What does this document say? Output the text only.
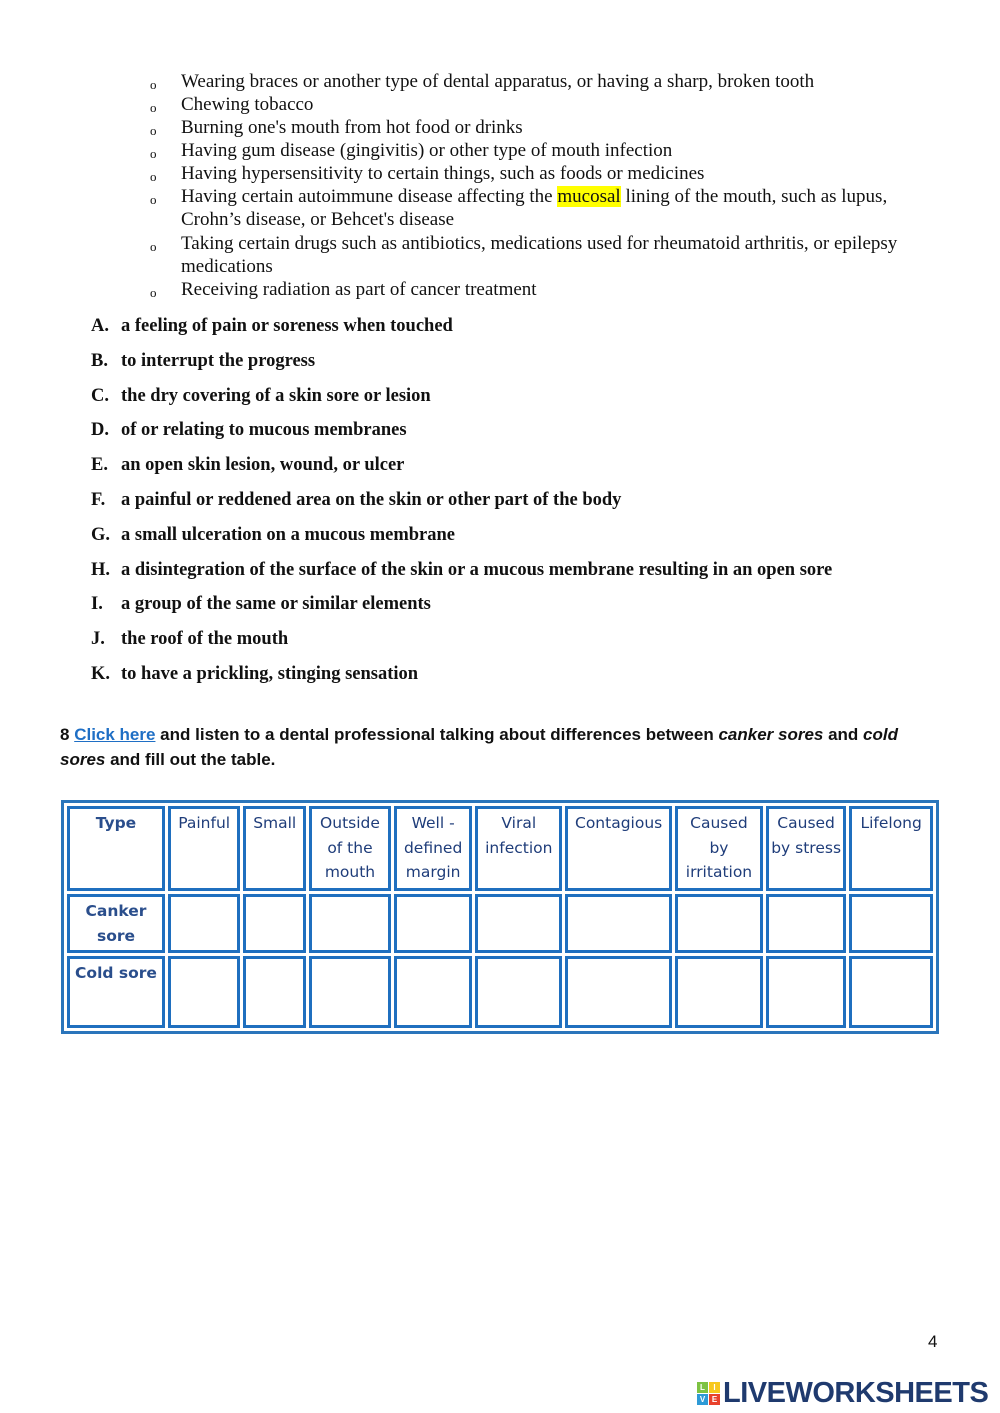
o Wearing braces or another type of dental apparatus, or having a sharp, broken tooth
o Chewing tobacco
o Burning one's mouth from hot food or drinks
o Having gum disease (gingivitis) or other type of mouth infection
o Having hypersensitivity to certain things, such as foods or medicines
o Having certain autoimmune disease affecting the mucosal lining of the mouth, such as lupus, Crohn’s disease, or Behcet's disease
o Taking certain drugs such as antibiotics, medications used for rheumatoid arthritis, or epilepsy medications
o Receiving radiation as part of cancer treatment
A. a feeling of pain or soreness when touched
B. to interrupt the progress
C. the dry covering of a skin sore or lesion
D. of or relating to mucous membranes
E. an open skin lesion, wound, or ulcer
F. a painful or reddened area on the skin or other part of the body
G. a small ulceration on a mucous membrane
H. a disintegration of the surface of the skin or a mucous membrane resulting in an open sore
I. a group of the same or similar elements
J. the roof of the mouth
K. to have a prickling, stinging sensation
8 Click here and listen to a dental professional talking about differences between canker sores and cold sores and fill out the table.
Type	Painful	Small	Outside of the mouth	Well - defined margin	Viral infection	Contagious	Caused by irritation	Caused by stress	Lifelong
Canker sore									
Cold sore									
4
L	I
V E LIVEWORKSHEETS
